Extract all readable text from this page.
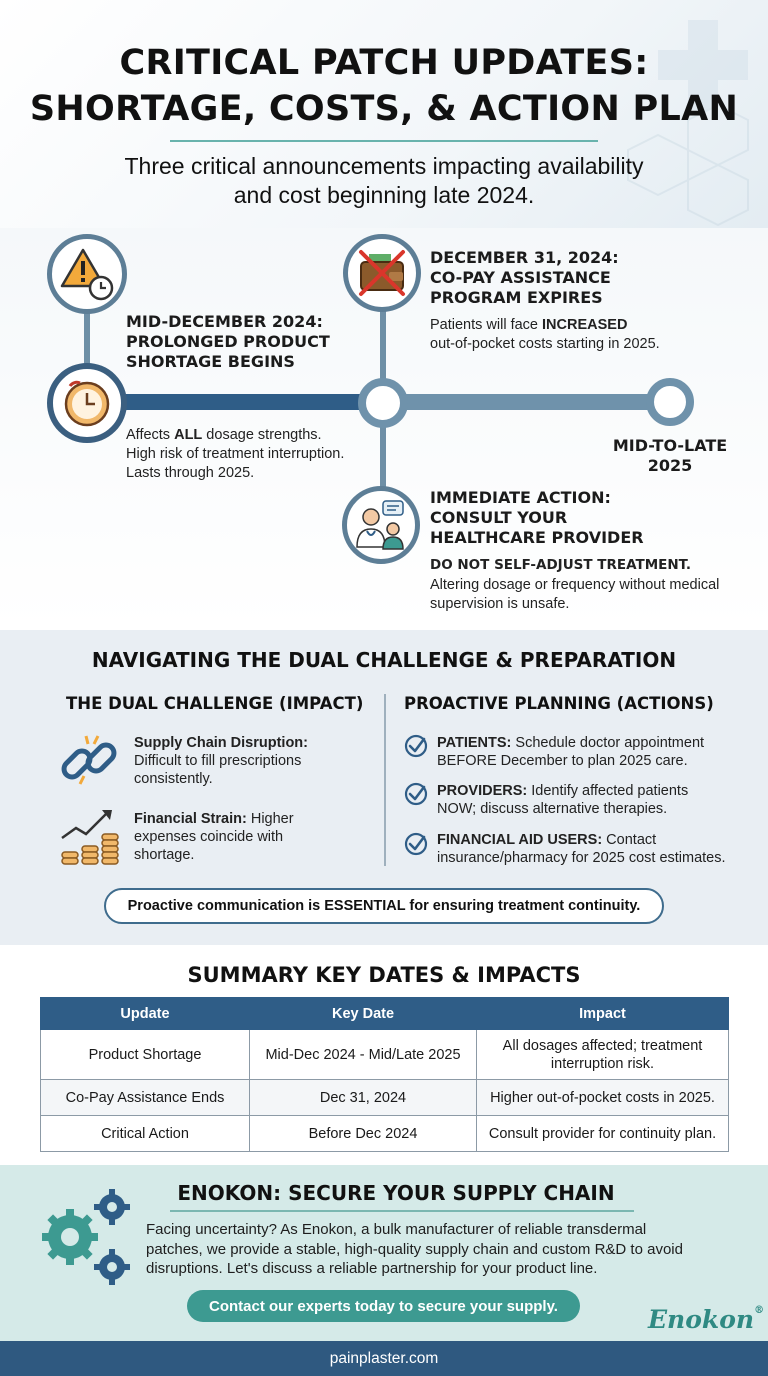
CRITICAL PATCH UPDATES:
SHORTAGE, COSTS, & ACTION PLAN

Three critical announcements impacting availability
and cost beginning late 2024.

MID-DECEMBER 2024:
PROLONGED PRODUCT
SHORTAGE BEGINS
Affects ALL dosage strengths.
High risk of treatment interruption.
Lasts through 2025.
DECEMBER 31, 2024:
CO-PAY ASSISTANCE
PROGRAM EXPIRES
Patients will face INCREASED
out-of-pocket costs starting in 2025.
MID-TO-LATE
2025
IMMEDIATE ACTION:
CONSULT YOUR
HEALTHCARE PROVIDER
DO NOT SELF-ADJUST TREATMENT.
Altering dosage or frequency without medical
supervision is unsafe.
NAVIGATING THE DUAL CHALLENGE & PREPARATION
THE DUAL CHALLENGE (IMPACT) PROACTIVE PLANNING (ACTIONS)
Supply Chain Disruption:
Difficult to fill prescriptions
consistently.
Financial Strain: Higher
expenses coincide with
shortage.
PATIENTS: Schedule doctor appointment
BEFORE December to plan 2025 care.
PROVIDERS: Identify affected patients
NOW; discuss alternative therapies.
FINANCIAL AID USERS: Contact
insurance/pharmacy for 2025 cost estimates.
Proactive communication is ESSENTIAL for ensuring treatment continuity.
SUMMARY KEY DATES & IMPACTS
Update	Key Date	Impact
Product Shortage	Mid-Dec 2024 - Mid/Late 2025	All dosages affected; treatment
interruption risk.
Co-Pay Assistance Ends	Dec 31, 2024	Higher out-of-pocket costs in 2025.
Critical Action	Before Dec 2024	Consult provider for continuity plan.
ENOKON: SECURE YOUR SUPPLY CHAIN

Facing uncertainty? As Enokon, a bulk manufacturer of reliable transdermal
patches, we provide a stable, high-quality supply chain and custom R&D to avoid
disruptions. Let's discuss a reliable partnership for your product line.

Contact our experts today to secure your supply.	Enokon®
painplaster.com
